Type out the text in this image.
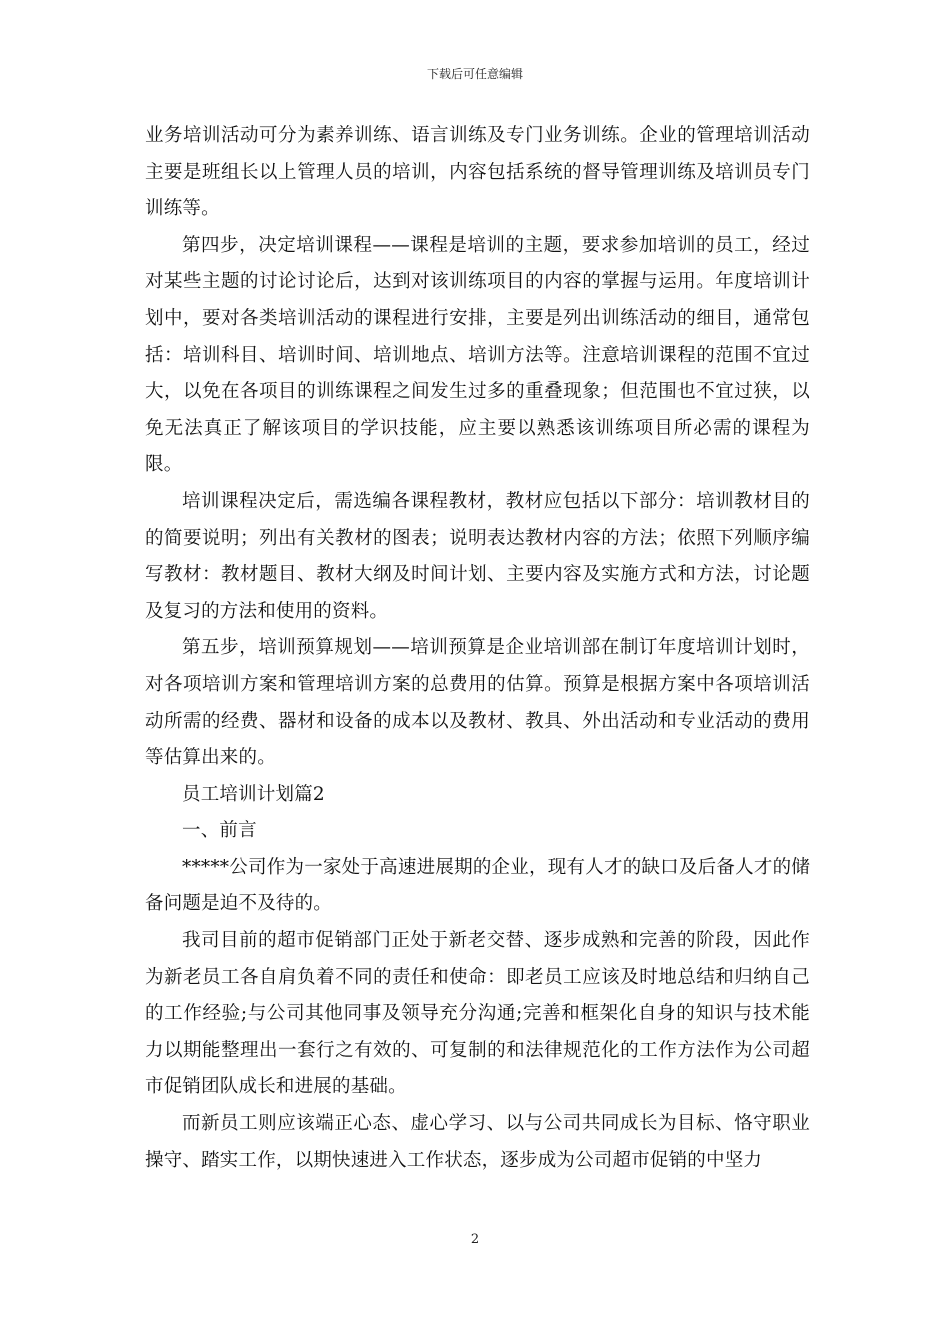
下载后可任意编辑

业务培训活动可分为素养训练、语言训练及专门业务训练。企业的管理培训活动主要是班组长以上管理人员的培训，内容包括系统的督导管理训练及培训员专门训练等。

第四步，决定培训课程——课程是培训的主题，要求参加培训的员工，经过对某些主题的讨论讨论后，达到对该训练项目的内容的掌握与运用。年度培训计划中，要对各类培训活动的课程进行安排，主要是列出训练活动的细目，通常包括：培训科目、培训时间、培训地点、培训方法等。注意培训课程的范围不宜过大，以免在各项目的训练课程之间发生过多的重叠现象；但范围也不宜过狭，以免无法真正了解该项目的学识技能，应主要以熟悉该训练项目所必需的课程为限。

培训课程决定后，需选编各课程教材，教材应包括以下部分：培训教材目的的简要说明；列出有关教材的图表；说明表达教材内容的方法；依照下列顺序编写教材：教材题目、教材大纲及时间计划、主要内容及实施方式和方法，讨论题及复习的方法和使用的资料。

第五步，培训预算规划——培训预算是企业培训部在制订年度培训计划时，对各项培训方案和管理培训方案的总费用的估算。预算是根据方案中各项培训活动所需的经费、器材和设备的成本以及教材、教具、外出活动和专业活动的费用等估算出来的。

员工培训计划篇2

一、前言

*****公司作为一家处于高速进展期的企业，现有人才的缺口及后备人才的储备问题是迫不及待的。

我司目前的超市促销部门正处于新老交替、逐步成熟和完善的阶段，因此作为新老员工各自肩负着不同的责任和使命：即老员工应该及时地总结和归纳自己的工作经验;与公司其他同事及领导充分沟通;完善和框架化自身的知识与技术能力以期能整理出一套行之有效的、可复制的和法律规范化的工作方法作为公司超市促销团队成长和进展的基础。

而新员工则应该端正心态、虚心学习、以与公司共同成长为目标、恪守职业操守、踏实工作，以期快速进入工作状态，逐步成为公司超市促销的中坚力

2
